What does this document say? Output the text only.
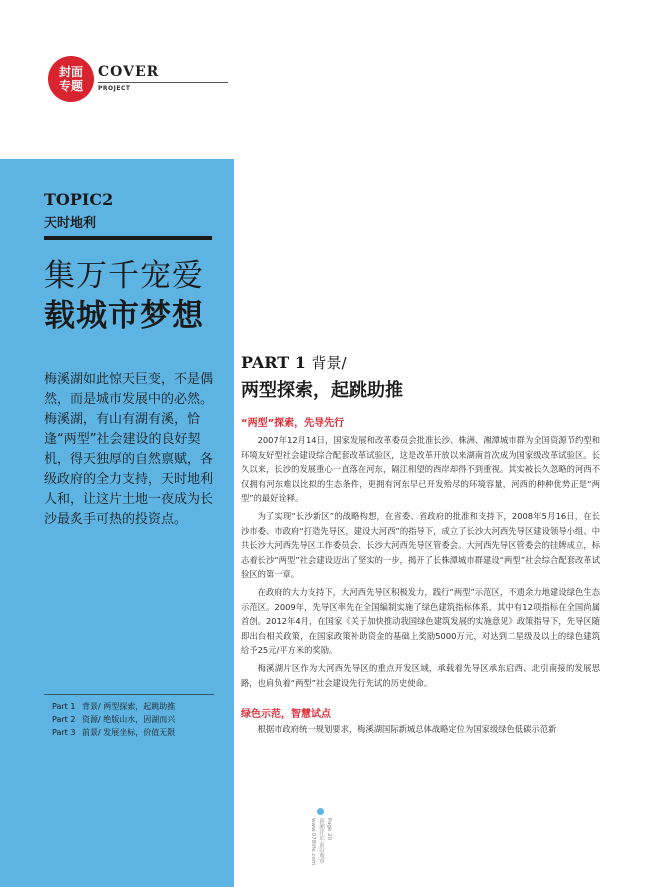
封面
专题
COVER
PROJECT
TOPIC2
天时地利
集万千宠爱
载城市梦想
梅溪湖如此惊天巨变，不是偶然，而是城市发展中的必然。梅溪湖，有山有湖有溪，恰逢“两型”社会建设的良好契机，得天独厚的自然禀赋，各级政府的全力支持，天时地利人和，让这片土地一夜成为长沙最炙手可热的投资点。
Part 1 背景/ 两型探索，起跳助推
Part 2 资源/ 绝版山水，因湖而兴
Part 3 前景/ 发展坐标，价值无限
PART 1 背景/
两型探索，起跳助推
“两型”探索，先导先行

2007年12月14日，国家发展和改革委员会批准长沙、株洲、湘潭城市群为全国资源节约型和环境友好型社会建设综合配套改革试验区，这是改革开放以来湖南首次成为国家级改革试验区。长久以来，长沙的发展重心一直落在河东，隔江相望的西岸却得不到重视。其实被长久忽略的河西不仅拥有河东难以比拟的生态条件，更拥有河东早已开发殆尽的环境容量，河西的种种优势正是“两型”的最好诠释。

为了实现“长沙新区”的战略构想，在省委、省政府的批准和支持下，2008年5月16日，在长沙市委、市政府“打造先导区，建设大河西”的指导下，成立了长沙大河西先导区建设领导小组、中共长沙大河西先导区工作委员会、长沙大河西先导区管委会。大河西先导区管委会的挂牌成立，标志着长沙“两型”社会建设迈出了坚实的一步，揭开了长株潭城市群建设“两型”社会综合配套改革试验区的第一章。

在政府的大力支持下，大河西先导区积极发力，践行“两型”示范区，不遗余力地建设绿色生态示范区。2009年，先导区率先在全国编制实施了绿色建筑指标体系，其中有12项指标在全国尚属首创。2012年4月，在国家《关于加快推动我国绿色建筑发展的实施意见》政策指导下，先导区随即出台相关政策，在国家政策补助资金的基础上奖励5000万元，对达到二星级及以上的绿色建筑给予25元/平方米的奖励。

梅溪湖片区作为大河西先导区的重点开发区域，承载着先导区承东启西、北引南接的发展思路，也肩负着“两型”社会建设先行先试的历史使命。

绿色示范，智慧试点

根据市政府统一规划要求，梅溪湖国际新城总体战略定位为国家级绿色低碳示范新

Page 20
新湘评论·前沿观察
www.078life.com
